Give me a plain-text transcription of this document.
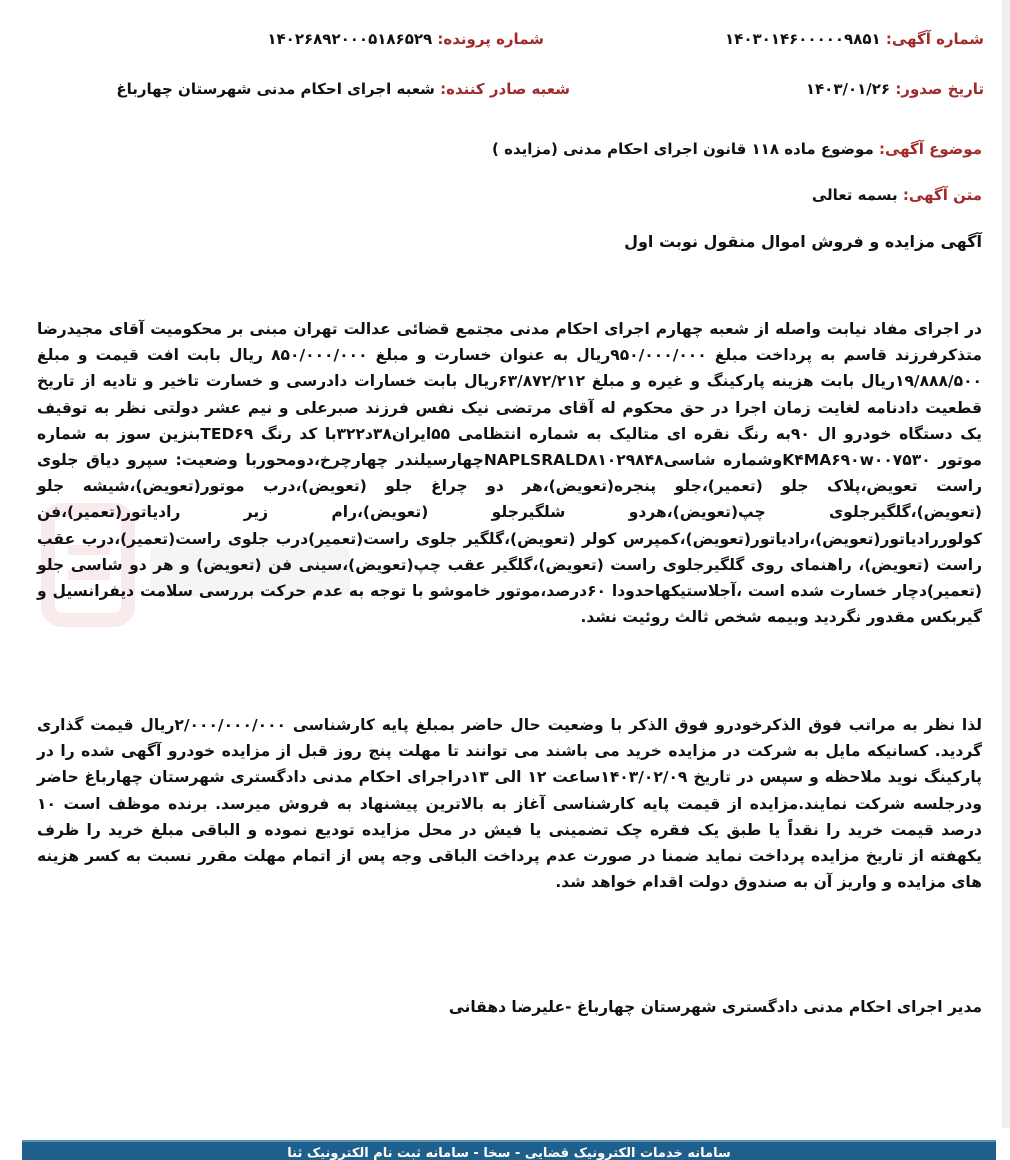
شماره آگهی: ۱۴۰۳۰۱۴۶۰۰۰۰۰۹۸۵۱
شماره پرونده: ۱۴۰۲۶۸۹۲۰۰۰۵۱۸۶۵۲۹
تاریخ صدور: ۱۴۰۳/۰۱/۲۶
شعبه صادر کننده: شعبه اجرای احکام مدنی شهرستان چهارباغ
موضوع آگهی: موضوع ماده ۱۱۸ قانون اجرای احکام مدنی (مزایده )
متن آگهی: بسمه تعالی
آگهی مزایده و فروش اموال منقول نوبت اول
در اجرای مفاد نیابت واصله از شعبه چهارم اجرای احکام مدنی مجتمع قضائی عدالت تهران مبنی بر محکومیت آقای مجیدرضا متذکرفرزند قاسم به پرداخت مبلغ ۹۵۰/۰۰۰/۰۰۰ریال به عنوان خسارت و مبلغ ۸۵۰/۰۰۰/۰۰۰ ریال بابت افت قیمت و مبلغ ۱۹/۸۸۸/۵۰۰ریال بابت هزینه پارکینگ و غیره و مبلغ ۶۳/۸۷۲/۲۱۲ریال بابت خسارات دادرسی و خسارت تاخیر و تادیه از تاریخ قطعیت دادنامه لغایت زمان اجرا در حق محکوم له آقای مرتضی نیک نفس فرزند صبرعلی و نیم عشر دولتی نظر به توقیف یک دستگاه خودرو ال ۹۰به رنگ نقره ای متالیک به شماره انتظامی ۵۵ایران۳۸د۳۲۲با کد رنگ TED۶۹بنزین سوز به شماره موتور K۴MA۶۹۰w۰۰۷۵۳۰وشماره شاسیNAPLSRALD۸۱۰۲۹۸۴۸چهارسیلندر چهارچرخ،دومحوربا وضعیت: سپرو دیاق جلوی راست تعویض،پلاک جلو (تعمیر)،جلو پنجره(تعویض)،هر دو چراغ جلو (تعویض)،درب موتور(تعویض)،شیشه جلو (تعویض)،گلگیرجلوی چپ(تعویض)،هردو شلگیرجلو (تعویض)،رام زیر رادیاتور(تعمیر)،فن کولوررادیاتور(تعویض)،رادیاتور(تعویض)،کمپرس کولر (تعویض)،گلگیر جلوی راست(تعمیر)درب جلوی راست(تعمیر)،درب عقب راست (تعویض)، راهنمای روی گلگیرجلوی راست (تعویض)،گلگیر عقب چپ(تعویض)،سینی فن (تعویض) و هر دو شاسی جلو (تعمیر)دچار خسارت شده است ،آجلاستیکهاحدودا ۶۰درصد،موتور خاموشو با توجه به عدم حرکت بررسی سلامت دیفرانسیل و گیربکس مقدور نگردید وبیمه شخص ثالث روئیت نشد.
لذا نظر به مراتب فوق الذکرخودرو فوق الذکر با وضعیت حال حاضر بمبلغ پایه کارشناسی ۲/۰۰۰/۰۰۰/۰۰۰ریال قیمت گذاری گردید. کسانیکه مایل به شرکت در مزایده خرید می باشند می توانند تا مهلت پنج روز قبل از مزایده خودرو آگهی شده را در پارکینگ نوید ملاحظه و سپس در تاریخ ۱۴۰۳/۰۲/۰۹ساعت ۱۲ الی ۱۳دراجرای احکام مدنی دادگستری شهرستان چهارباغ حاضر ودرجلسه شرکت نمایند.مزایده از قیمت پایه کارشناسی آغاز به بالاترین پیشنهاد به فروش میرسد. برنده موظف است ۱۰ درصد قیمت خرید را نقداً یا طبق یک فقره چک تضمینی یا فیش در محل مزایده تودیع نموده و الباقی مبلغ خرید را ظرف یکهفته از تاریخ مزایده پرداخت نماید ضمنا در صورت عدم پرداخت الباقی وجه پس از اتمام مهلت مقرر نسبت به کسر هزینه های مزایده و واریز آن به صندوق دولت اقدام خواهد شد.
مدیر اجرای احکام مدنی دادگستری شهرستان چهارباغ -علیرضا دهقانی
سامانه خدمات الکترونیک قضایی - سخا - سامانه ثبت نام الکترونیک ثنا
